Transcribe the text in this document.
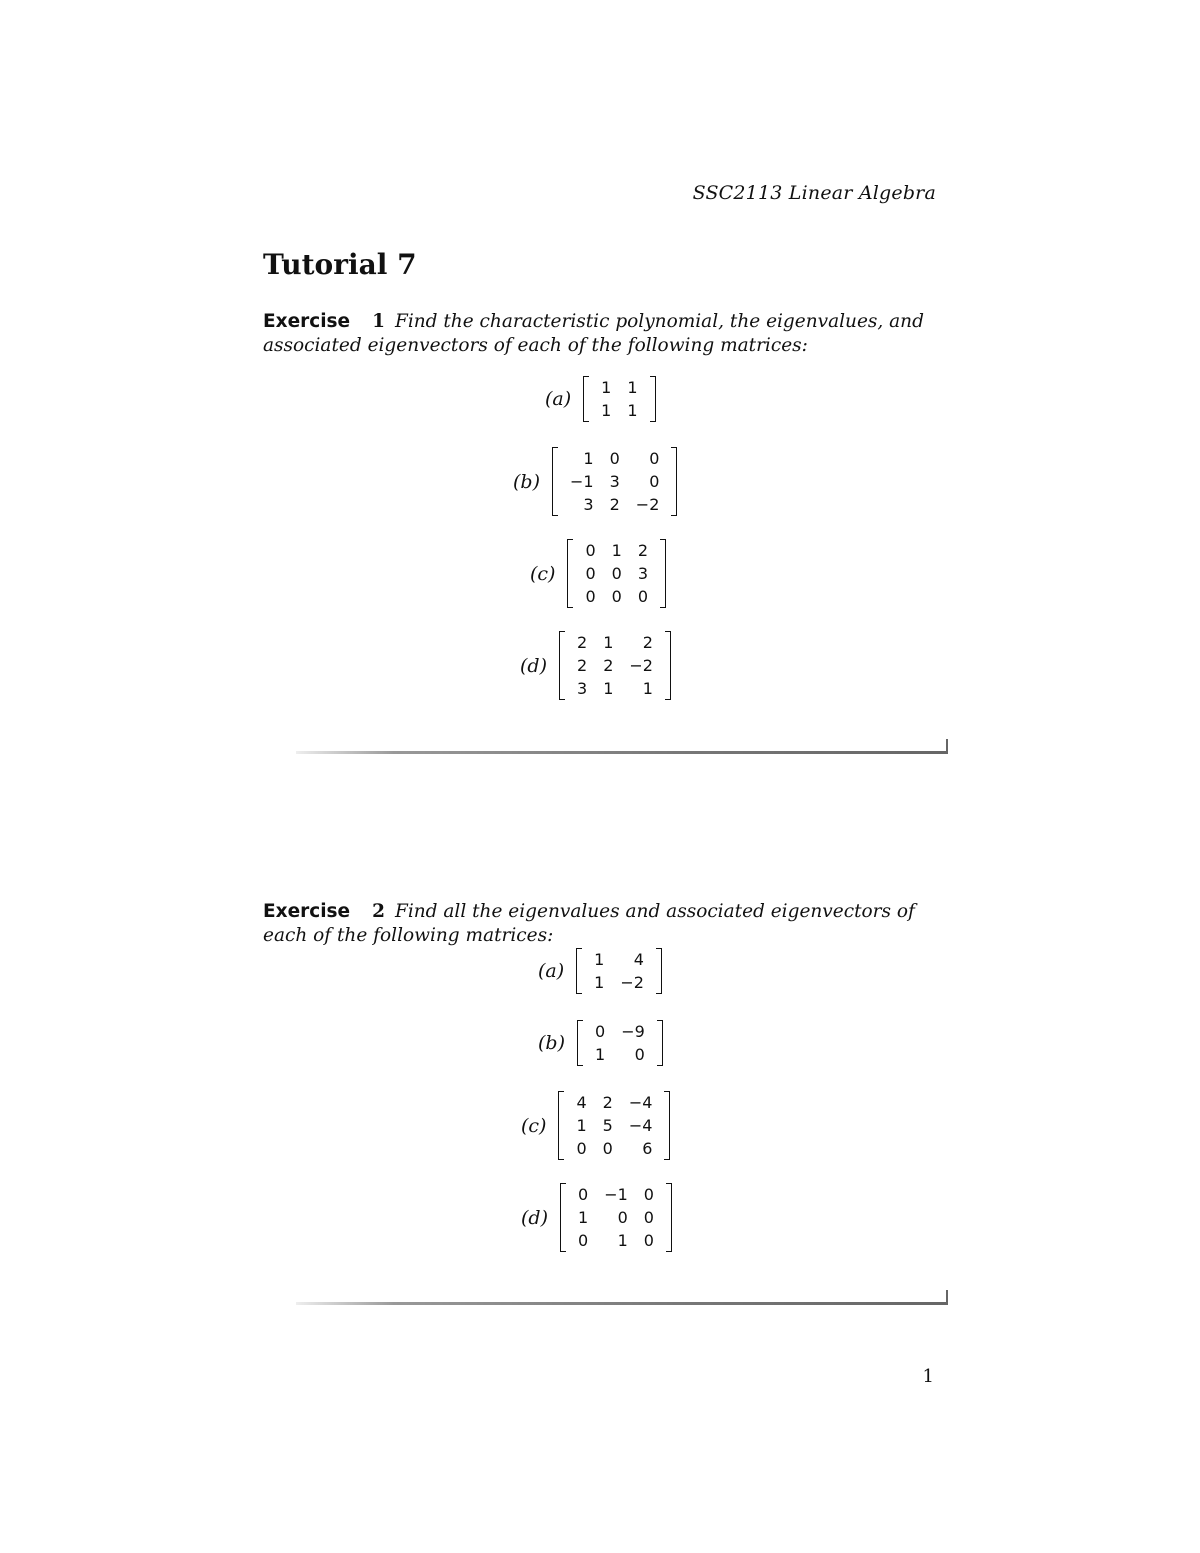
SSC2113 Linear Algebra
Tutorial 7
Exercise 1 Find the characteristic polynomial, the eigenvalues, and associated eigenvectors of each of the following matrices:
(a)
1	1
1	1
(b)
1	0	0
−1	3	0
3	2	−2
(c)
0	1	2
0	0	3
0	0	0
(d)
2	1	2
2	2	−2
3	1	1
Exercise 2 Find all the eigenvalues and associated eigenvectors of each of the following matrices:
(a)
1	4
1	−2
(b)
0	−9
1	0
(c)
4	2	−4
1	5	−4
0	0	6
(d)
0	−1	0
1	0	0
0	1	0
1
